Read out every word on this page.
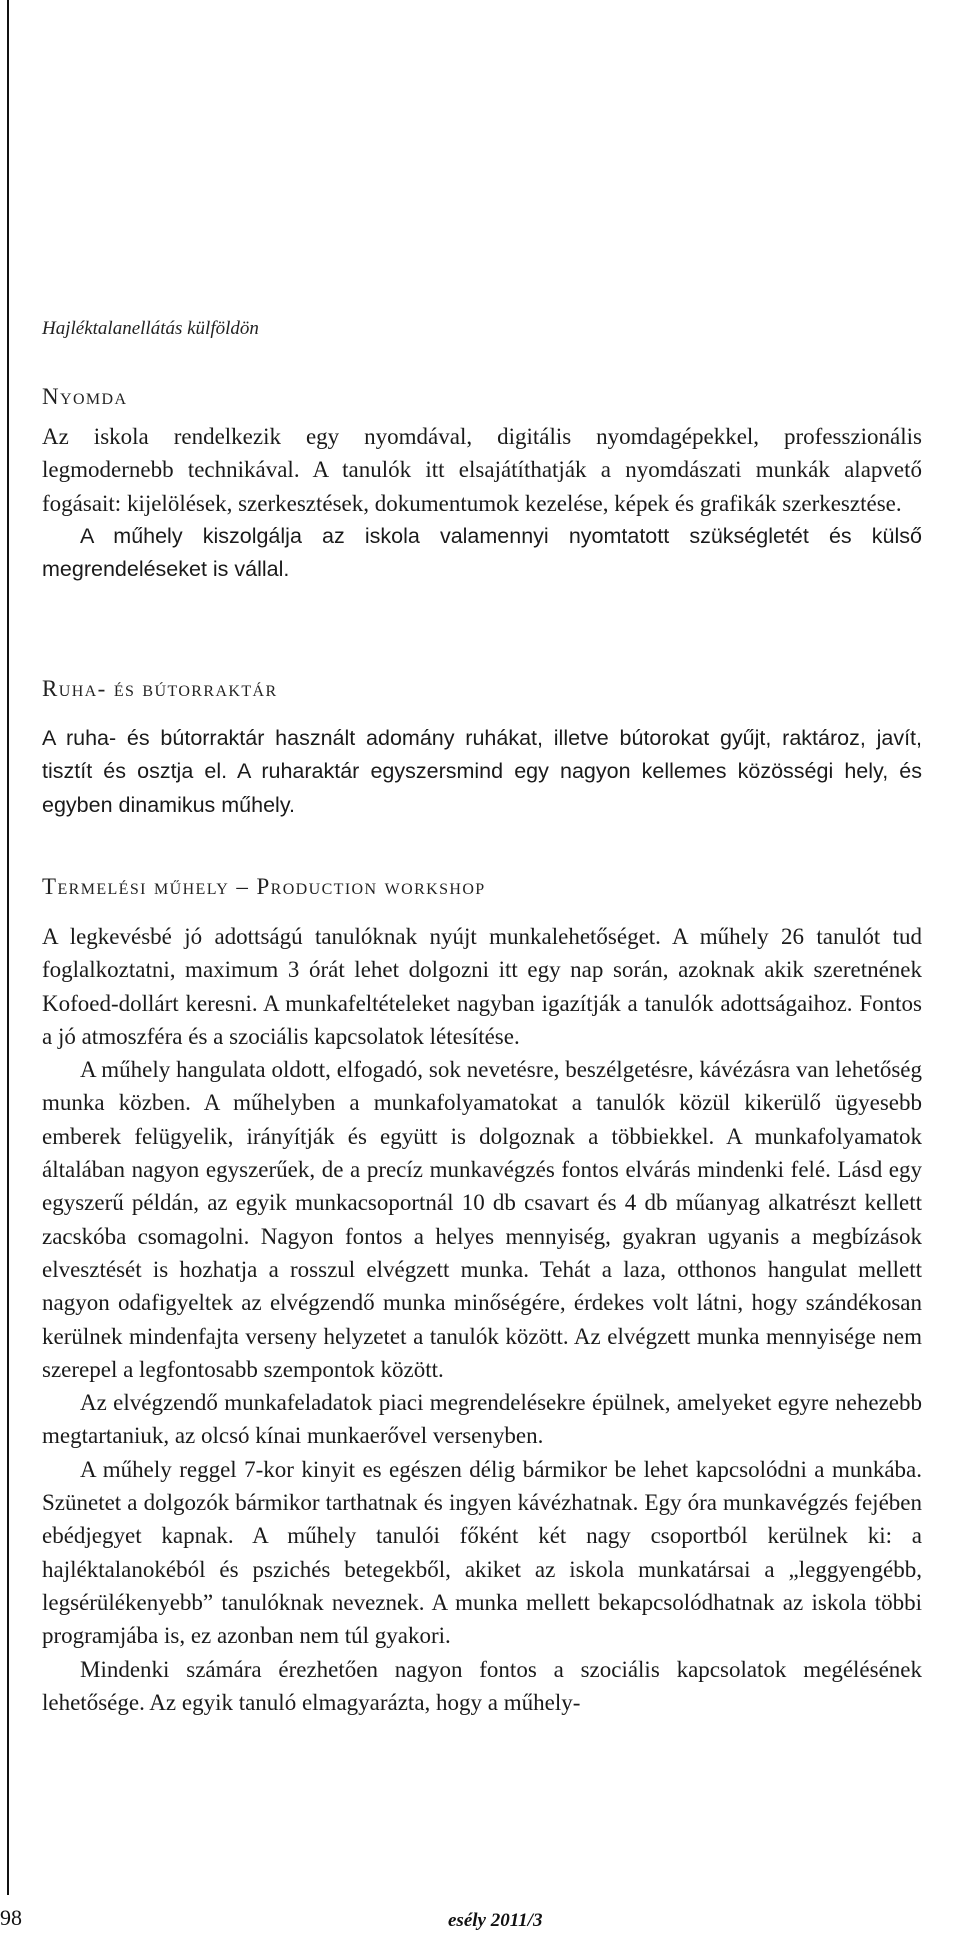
Hajléktalanellátás külföldön
Nyomda

Az iskola rendelkezik egy nyomdával, digitális nyomdagépekkel, professzionális legmodernebb technikával. A tanulók itt elsajátíthatják a nyomdászati munkák alapvető fogásait: kijelölések, szerkesztések, dokumentumok kezelése, képek és grafikák szerkesztése.

A műhely kiszolgálja az iskola valamennyi nyomtatott szükségletét és külső megrendeléseket is vállal.

Ruha- és bútorraktár

A ruha- és bútorraktár használt adomány ruhákat, illetve bútorokat gyűjt, raktároz, javít, tisztít és osztja el. A ruharaktár egyszersmind egy nagyon kellemes közösségi hely, és egyben dinamikus műhely.

Termelési műhely – Production workshop

A legkevésbé jó adottságú tanulóknak nyújt munkalehetőséget. A műhely 26 tanulót tud foglalkoztatni, maximum 3 órát lehet dolgozni itt egy nap során, azoknak akik szeretnének Kofoed-dollárt keresni. A munkafeltételeket nagyban igazítják a tanulók adottságaihoz. Fontos a jó atmoszféra és a szociális kapcsolatok létesítése.

A műhely hangulata oldott, elfogadó, sok nevetésre, beszélgetésre, kávézásra van lehetőség munka közben. A műhelyben a munkafolyamatokat a tanulók közül kikerülő ügyesebb emberek felügyelik, irányítják és együtt is dolgoznak a többiekkel. A munkafolyamatok általában nagyon egyszerűek, de a precíz munkavégzés fontos elvárás mindenki felé. Lásd egy egyszerű példán, az egyik munkacsoportnál 10 db csavart és 4 db műanyag alkatrészt kellett zacskóba csomagolni. Nagyon fontos a helyes mennyiség, gyakran ugyanis a megbízások elvesztését is hozhatja a rosszul elvégzett munka. Tehát a laza, otthonos hangulat mellett nagyon odafigyeltek az elvégzendő munka minőségére, érdekes volt látni, hogy szándékosan kerülnek mindenfajta verseny helyzetet a tanulók között. Az elvégzett munka mennyisége nem szerepel a legfontosabb szempontok között.

Az elvégzendő munkafeladatok piaci megrendelésekre épülnek, amelyeket egyre nehezebb megtartaniuk, az olcsó kínai munkaerővel versenyben.

A műhely reggel 7-kor kinyit es egészen délig bármikor be lehet kapcsolódni a munkába. Szünetet a dolgozók bármikor tarthatnak és ingyen kávézhatnak. Egy óra munkavégzés fejében ebédjegyet kapnak. A műhely tanulói főként két nagy csoportból kerülnek ki: a hajléktalanokéból és pszichés betegekből, akiket az iskola munkatársai a „leggyengébb, legsérülékenyebb” tanulóknak neveznek. A munka mellett bekapcsolódhatnak az iskola többi programjába is, ez azonban nem túl gyakori.

Mindenki számára érezhetően nagyon fontos a szociális kapcsolatok megélésének lehetősége. Az egyik tanuló elmagyarázta, hogy a műhely-

98	esély 2011/3
